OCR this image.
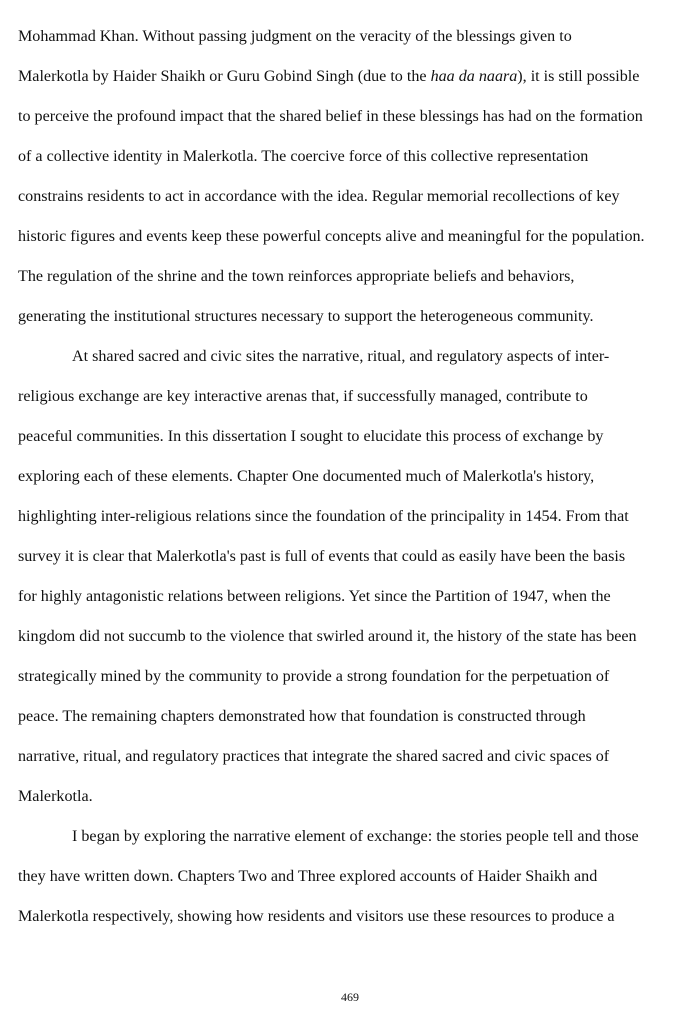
Mohammad Khan. Without passing judgment on the veracity of the blessings given to
Malerkotla by Haider Shaikh or Guru Gobind Singh (due to the haa da naara), it is still possible
to perceive the profound impact that the shared belief in these blessings has had on the formation
of a collective identity in Malerkotla. The coercive force of this collective representation
constrains residents to act in accordance with the idea. Regular memorial recollections of key
historic figures and events keep these powerful concepts alive and meaningful for the population.
The regulation of the shrine and the town reinforces appropriate beliefs and behaviors,
generating the institutional structures necessary to support the heterogeneous community.
At shared sacred and civic sites the narrative, ritual, and regulatory aspects of inter-
religious exchange are key interactive arenas that, if successfully managed, contribute to
peaceful communities. In this dissertation I sought to elucidate this process of exchange by
exploring each of these elements. Chapter One documented much of Malerkotla's history,
highlighting inter-religious relations since the foundation of the principality in 1454. From that
survey it is clear that Malerkotla's past is full of events that could as easily have been the basis
for highly antagonistic relations between religions. Yet since the Partition of 1947, when the
kingdom did not succumb to the violence that swirled around it, the history of the state has been
strategically mined by the community to provide a strong foundation for the perpetuation of
peace. The remaining chapters demonstrated how that foundation is constructed through
narrative, ritual, and regulatory practices that integrate the shared sacred and civic spaces of
Malerkotla.
I began by exploring the narrative element of exchange: the stories people tell and those
they have written down. Chapters Two and Three explored accounts of Haider Shaikh and
Malerkotla respectively, showing how residents and visitors use these resources to produce a
469
